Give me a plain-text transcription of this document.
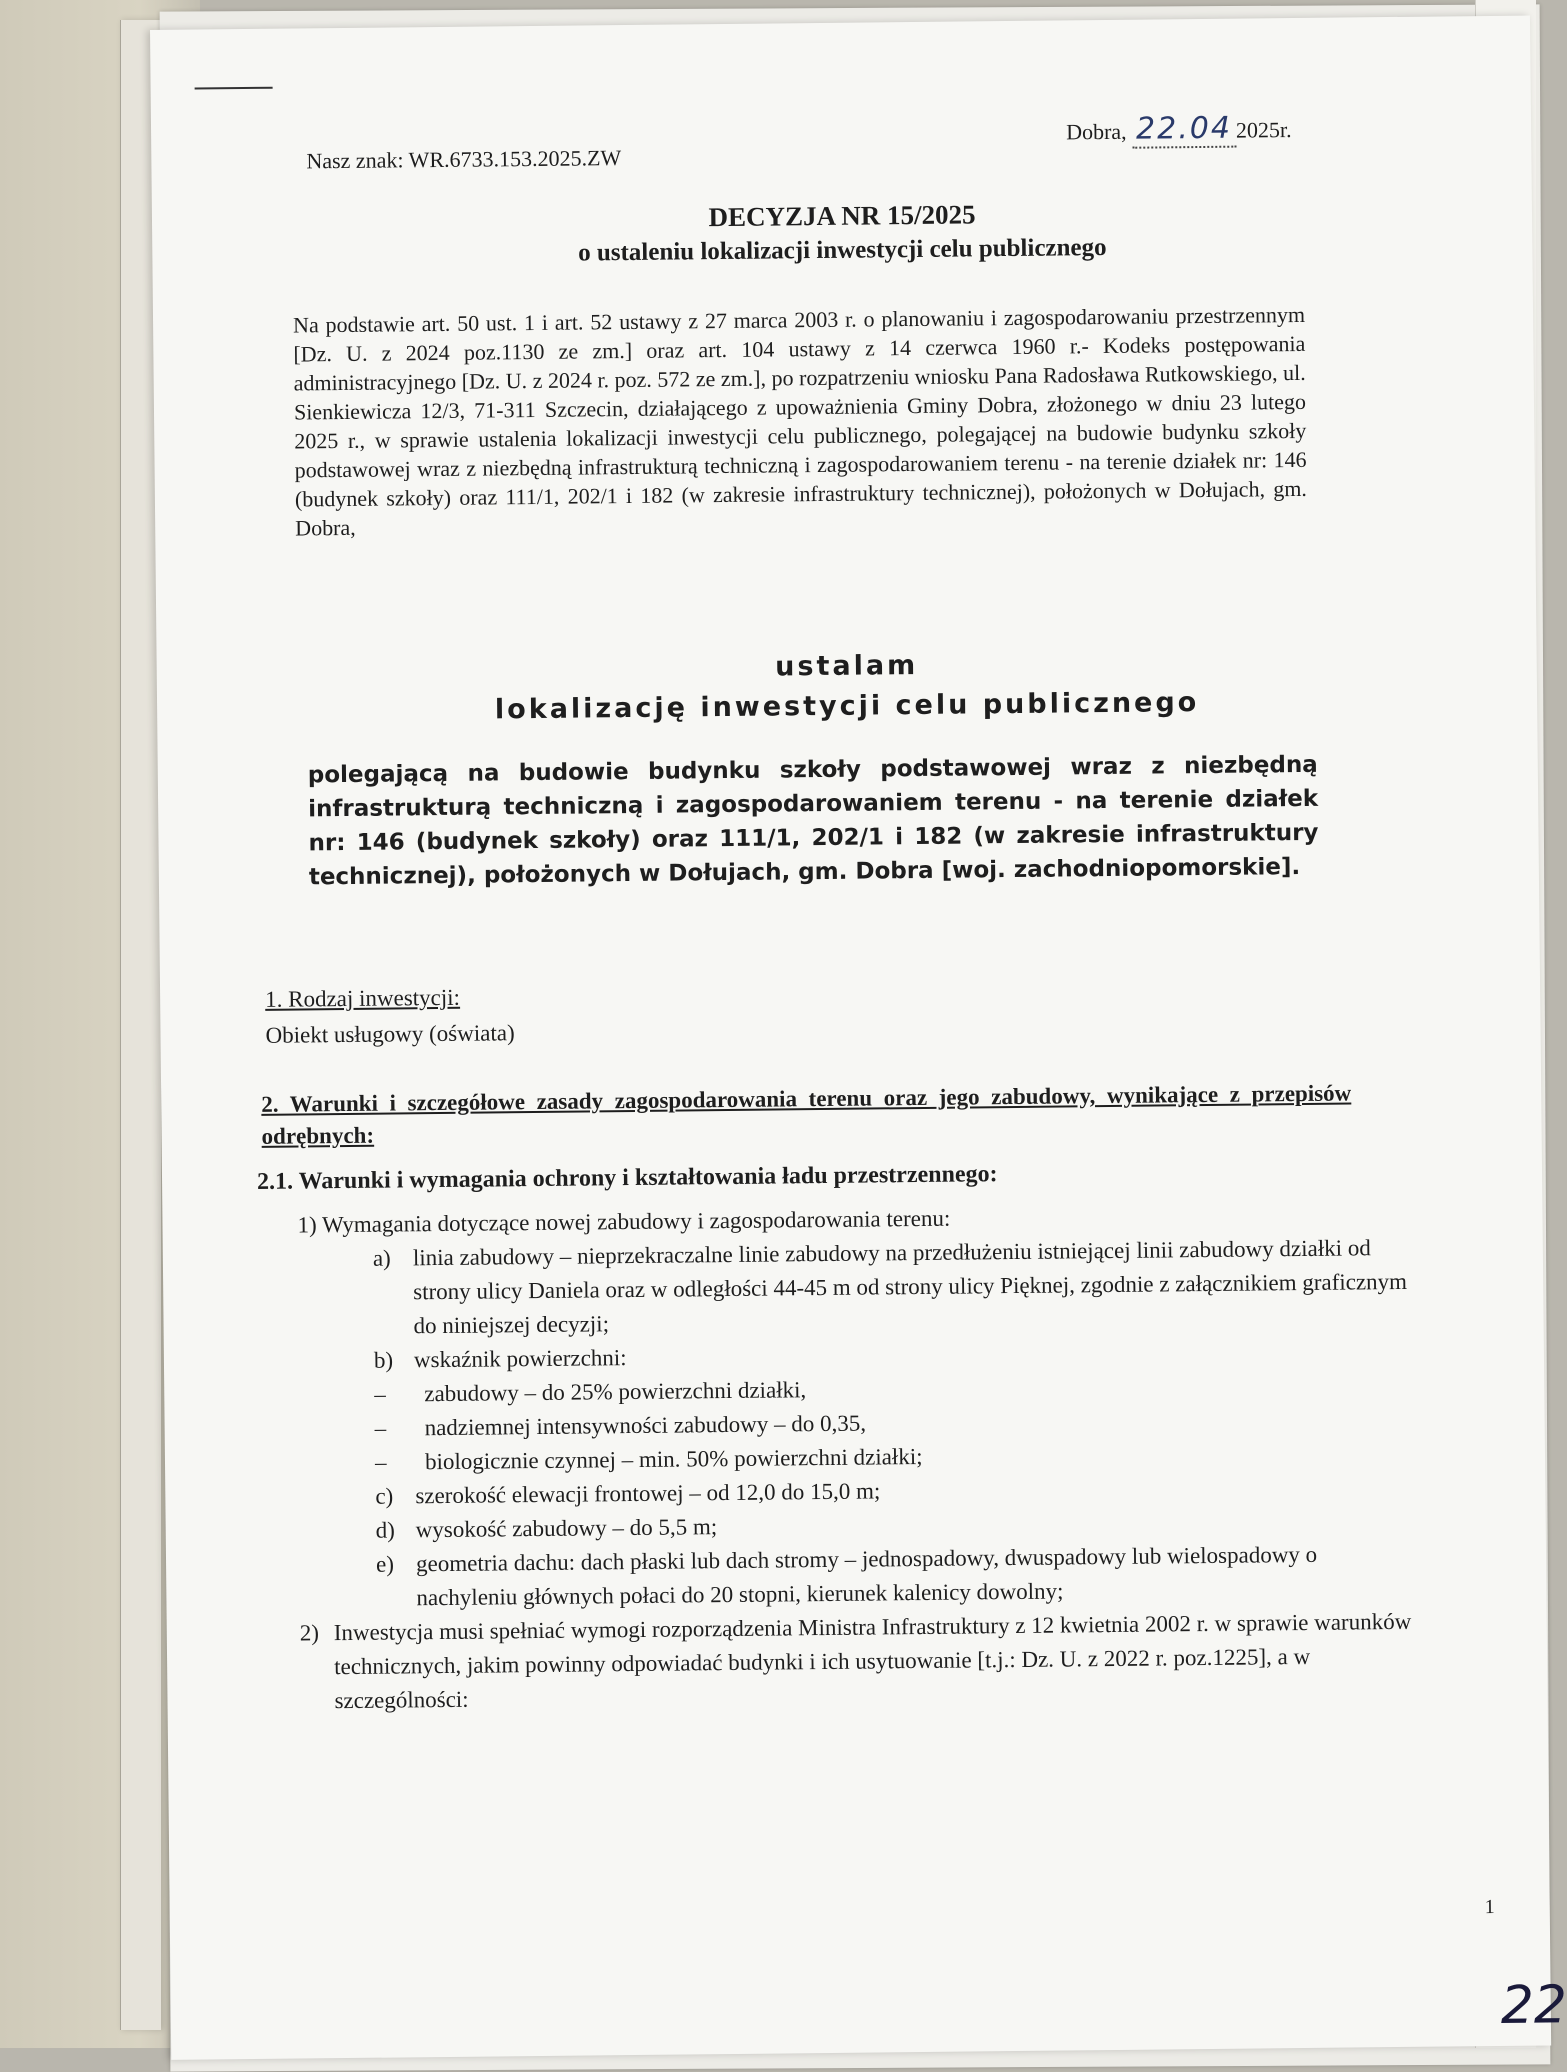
Nasz znak: WR.6733.153.2025.ZW
Dobra, 22.04 2025r.
DECYZJA NR 15/2025
o ustaleniu lokalizacji inwestycji celu publicznego
Na podstawie art. 50 ust. 1 i art. 52 ustawy z 27 marca 2003 r. o planowaniu i zagospodarowaniu przestrzennym [Dz. U. z 2024 poz.1130 ze zm.] oraz art. 104 ustawy z 14 czerwca 1960 r.- Kodeks postępowania administracyjnego [Dz. U. z 2024 r. poz. 572 ze zm.], po rozpatrzeniu wniosku Pana Radosława Rutkowskiego, ul. Sienkiewicza 12/3, 71-311 Szczecin, działającego z upoważnienia Gminy Dobra, złożonego w dniu 23 lutego 2025 r., w sprawie ustalenia lokalizacji inwestycji celu publicznego, polegającej na budowie budynku szkoły podstawowej wraz z niezbędną infrastrukturą techniczną i zagospodarowaniem terenu - na terenie działek nr: 146 (budynek szkoły) oraz 111/1, 202/1 i 182 (w zakresie infrastruktury technicznej), położonych w Dołujach, gm. Dobra,
ustalam
lokalizację inwestycji celu publicznego
polegającą na budowie budynku szkoły podstawowej wraz z niezbędną infrastrukturą techniczną i zagospodarowaniem terenu - na terenie działek nr: 146 (budynek szkoły) oraz 111/1, 202/1 i 182 (w zakresie infrastruktury technicznej), położonych w Dołujach, gm. Dobra [woj. zachodniopomorskie].
1. Rodzaj inwestycji:
Obiekt usługowy (oświata)
2. Warunki i szczegółowe zasady zagospodarowania terenu oraz jego zabudowy, wynikające z przepisów odrębnych:
2.1. Warunki i wymagania ochrony i kształtowania ładu przestrzennego:
1) Wymagania dotyczące nowej zabudowy i zagospodarowania terenu:
a) linia zabudowy – nieprzekraczalne linie zabudowy na przedłużeniu istniejącej linii zabudowy działki od strony ulicy Daniela oraz w odległości 44-45 m od strony ulicy Pięknej, zgodnie z załącznikiem graficznym do niniejszej decyzji;
b) wskaźnik powierzchni:
– zabudowy – do 25% powierzchni działki,
– nadziemnej intensywności zabudowy – do 0,35,
– biologicznie czynnej – min. 50% powierzchni działki;
c) szerokość elewacji frontowej – od 12,0 do 15,0 m;
d) wysokość zabudowy – do 5,5 m;
e) geometria dachu: dach płaski lub dach stromy – jednospadowy, dwuspadowy lub wielospadowy o nachyleniu głównych połaci do 20 stopni, kierunek kalenicy dowolny;
2) Inwestycja musi spełniać wymogi rozporządzenia Ministra Infrastruktury z 12 kwietnia 2002 r. w sprawie warunków technicznych, jakim powinny odpowiadać budynki i ich usytuowanie [t.j.: Dz. U. z 2022 r. poz.1225], a w szczególności:
1
22
